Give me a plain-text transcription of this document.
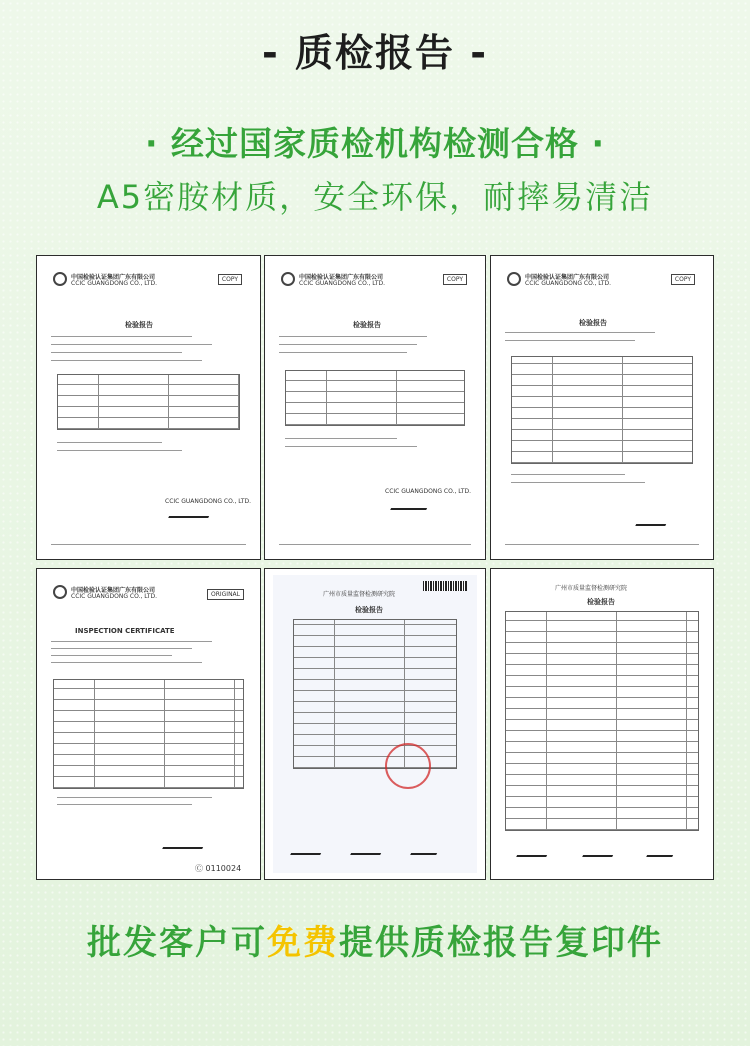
- 质检报告 -
· 经过国家质检机构检测合格 ·
A5密胺材质，安全环保，耐摔易清洁
中国检验认证集团广东有限公司
CCIC GUANGDONG CO., LTD.
COPY
检验报告
CCIC GUANGDONG CO., LTD.
中国检验认证集团广东有限公司
CCIC GUANGDONG CO., LTD.
COPY
检验报告
CCIC GUANGDONG CO., LTD.
中国检验认证集团广东有限公司
CCIC GUANGDONG CO., LTD.
COPY
检验报告
中国检验认证集团广东有限公司
CCIC GUANGDONG CO., LTD.	ORIGINAL
INSPECTION CERTIFICATE
Ⓒ 0110024
广州市质量监督检测研究院
检验报告
广州市质量监督检测研究院
检验报告
批发客户可免费提供质检报告复印件
